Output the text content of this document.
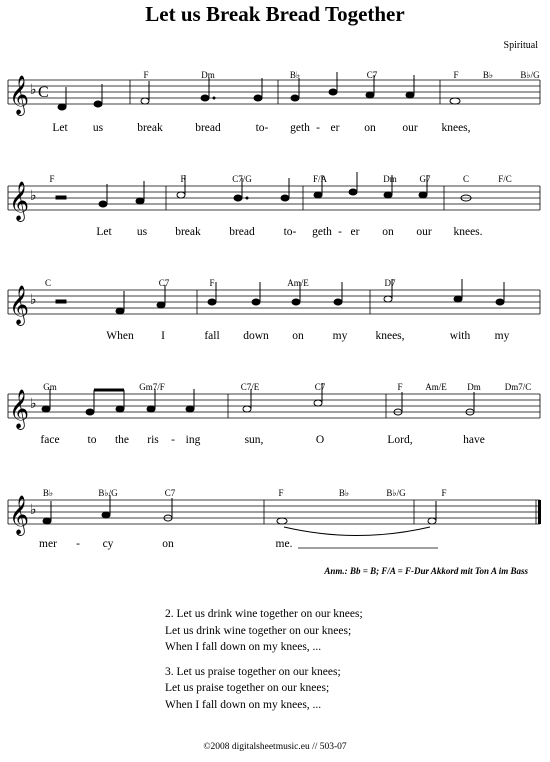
Let us Break Bread Together
Spiritual
𝄞 ♭ C
F	Dm	B♭	C7	F	B♭	B♭/G
Let us	break	bread	to- geth - er on our knees,
𝄞 ♭
F	F	C7/G	F/A	Dm	G7	C	F/C
Let us break bread	to- geth - er on our knees.
𝄞 ♭
C	C7	F	Am/E	D7
When I	fall down on	my knees,	with my
𝄞 ♭
Gm	Gm7/F	C7/E	C7	F	Am/E Dm	Dm7/C
face to the ris - ing	sun,	O	Lord,	have
𝄞 ♭
B♭	B♭/G	C7	F	B♭	B♭/G	F
mer - cy	on	me.
Anm.: Bb = B; F/A = F-Dur Akkord mit Ton A im Bass
2. Let us drink wine together on our knees;
Let us drink wine together on our knees;
When I fall down on my knees, ...
3. Let us praise together on our knees;
Let us praise together on our knees;
When I fall down on my knees, ...
©2008 digitalsheetmusic.eu // 503-07
